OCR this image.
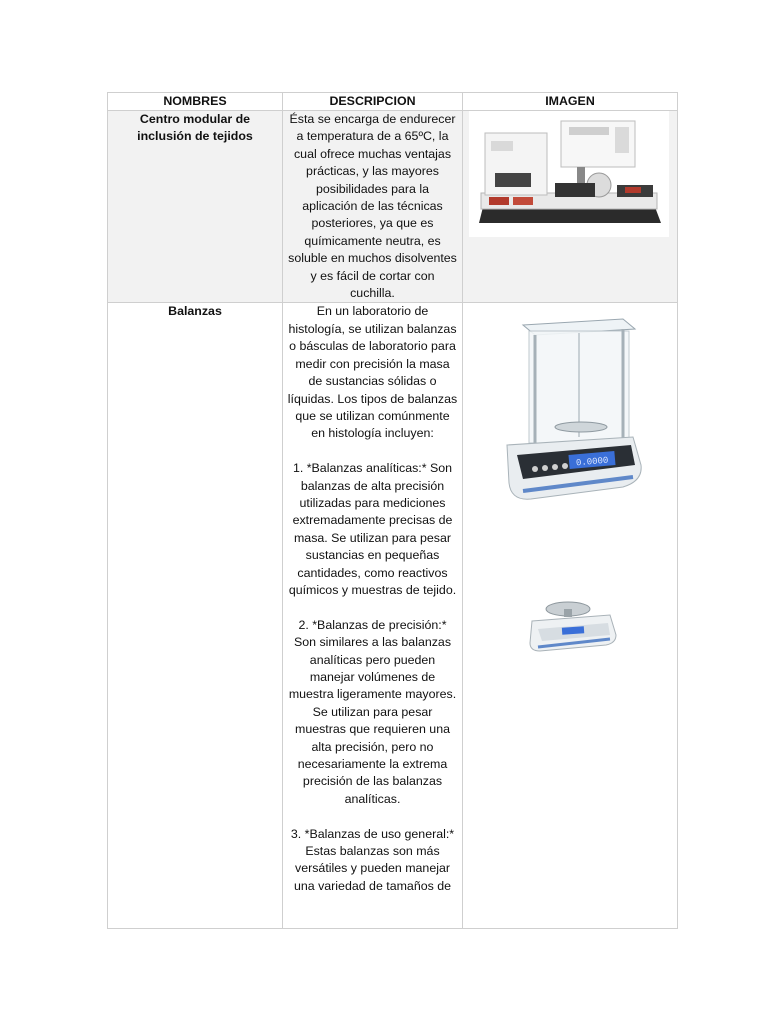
NOMBRES	DESCRIPCION	IMAGEN

Centro modular de inclusión de tejidos	Ésta se encarga de endurecer a temperatura de a 65ºC, la cual ofrece muchas ventajas prácticas, y las mayores posibilidades para la aplicación de las técnicas posteriores, ya que es químicamente neutra, es soluble en muchos disolventes y es fácil de cortar con cuchilla.

Balanzas	En un laboratorio de histología, se utilizan balanzas o básculas de laboratorio para medir con precisión la masa de sustancias sólidas o líquidas. Los tipos de balanzas que se utilizan comúnmente en histología incluyen:

1. *Balanzas analíticas:* Son balanzas de alta precisión utilizadas para mediciones extremadamente precisas de masa. Se utilizan para pesar sustancias en pequeñas cantidades, como reactivos químicos y muestras de tejido.

2. *Balanzas de precisión:* Son similares a las balanzas analíticas pero pueden manejar volúmenes de muestra ligeramente mayores. Se utilizan para pesar muestras que requieren una alta precisión, pero no necesariamente la extrema precisión de las balanzas analíticas.

3. *Balanzas de uso general:* Estas balanzas son más versátiles y pueden manejar una variedad de tamaños de	0.0000
